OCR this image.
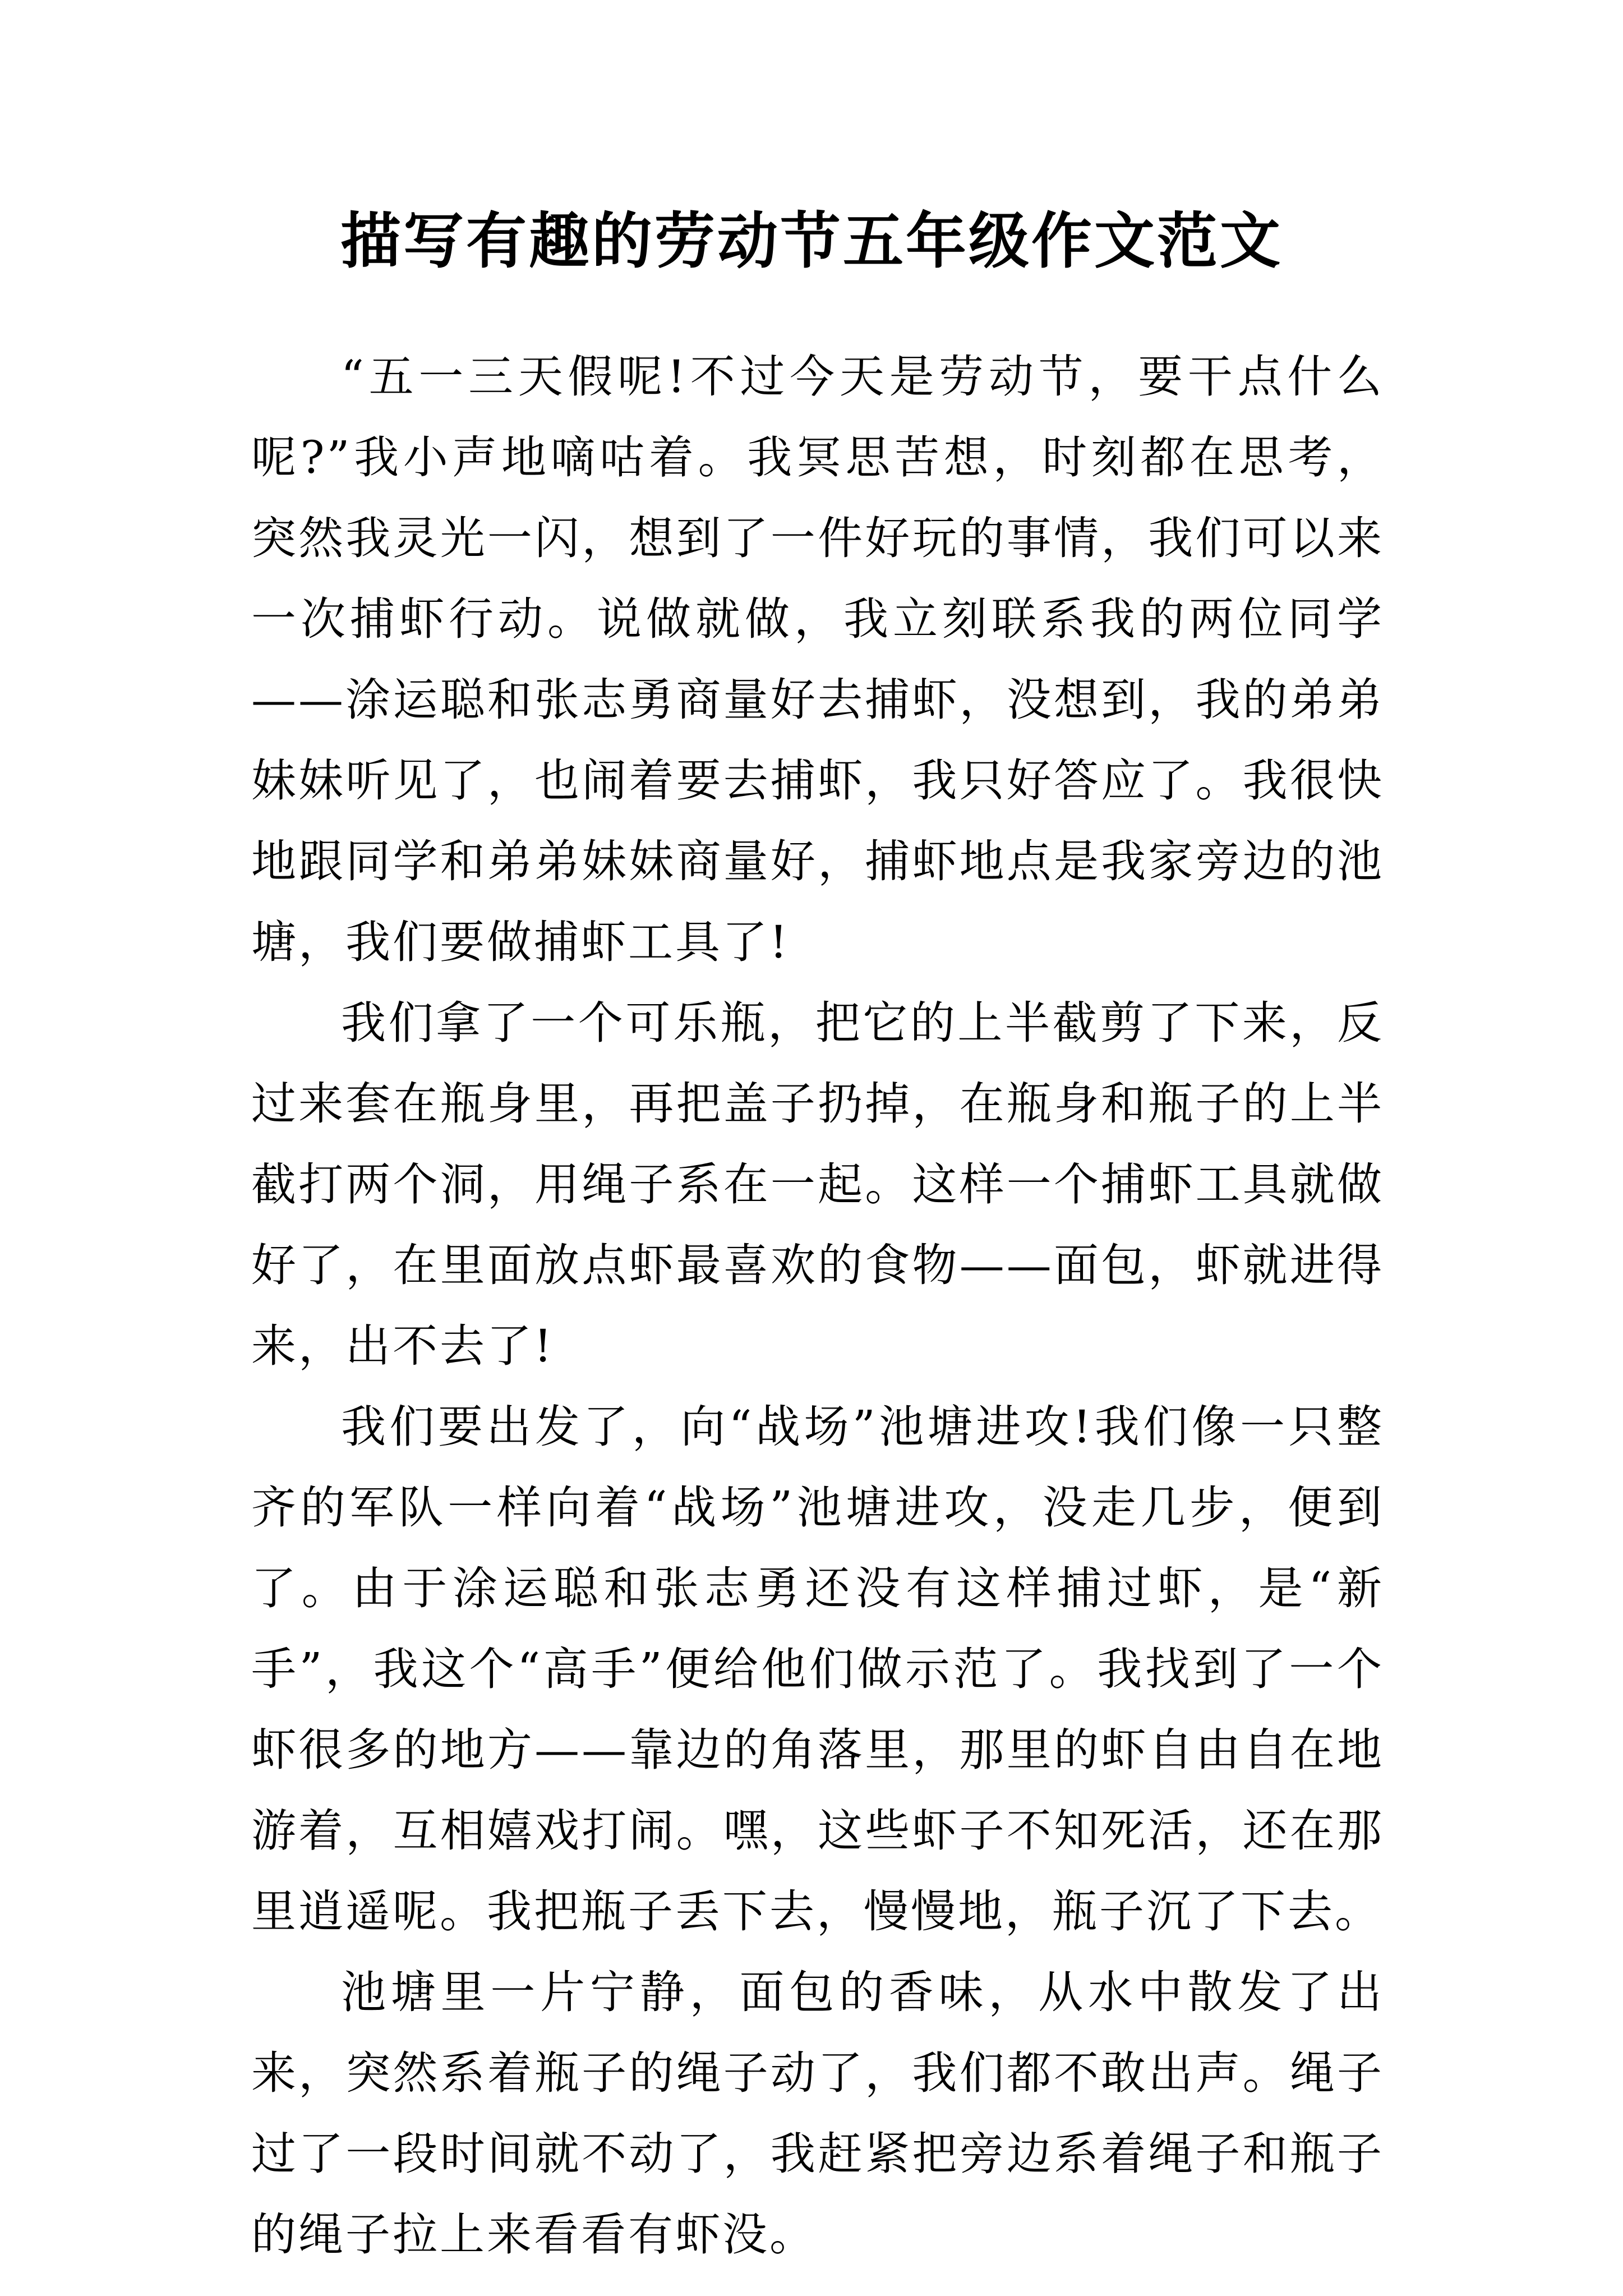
描写有趣的劳动节五年级作文范文

“五一三天假呢!不过今天是劳动节，要干点什么呢?”我小声地嘀咕着。我冥思苦想，时刻都在思考，突然我灵光一闪，想到了一件好玩的事情，我们可以来一次捕虾行动。说做就做，我立刻联系我的两位同学——涂运聪和张志勇商量好去捕虾，没想到，我的弟弟妹妹听见了，也闹着要去捕虾，我只好答应了。我很快地跟同学和弟弟妹妹商量好，捕虾地点是我家旁边的池塘，我们要做捕虾工具了!

我们拿了一个可乐瓶，把它的上半截剪了下来，反过来套在瓶身里，再把盖子扔掉，在瓶身和瓶子的上半截打两个洞，用绳子系在一起。这样一个捕虾工具就做好了，在里面放点虾最喜欢的食物——面包，虾就进得来，出不去了!

我们要出发了，向“战场”池塘进攻!我们像一只整齐的军队一样向着“战场”池塘进攻，没走几步，便到了。由于涂运聪和张志勇还没有这样捕过虾，是“新手”，我这个“高手”便给他们做示范了。我找到了一个虾很多的地方——靠边的角落里，那里的虾自由自在地游着，互相嬉戏打闹。嘿，这些虾子不知死活，还在那里逍遥呢。我把瓶子丢下去，慢慢地，瓶子沉了下去。

池塘里一片宁静，面包的香味，从水中散发了出来，突然系着瓶子的绳子动了，我们都不敢出声。绳子过了一段时间就不动了，我赶紧把旁边系着绳子和瓶子的绳子拉上来看看有虾没。
